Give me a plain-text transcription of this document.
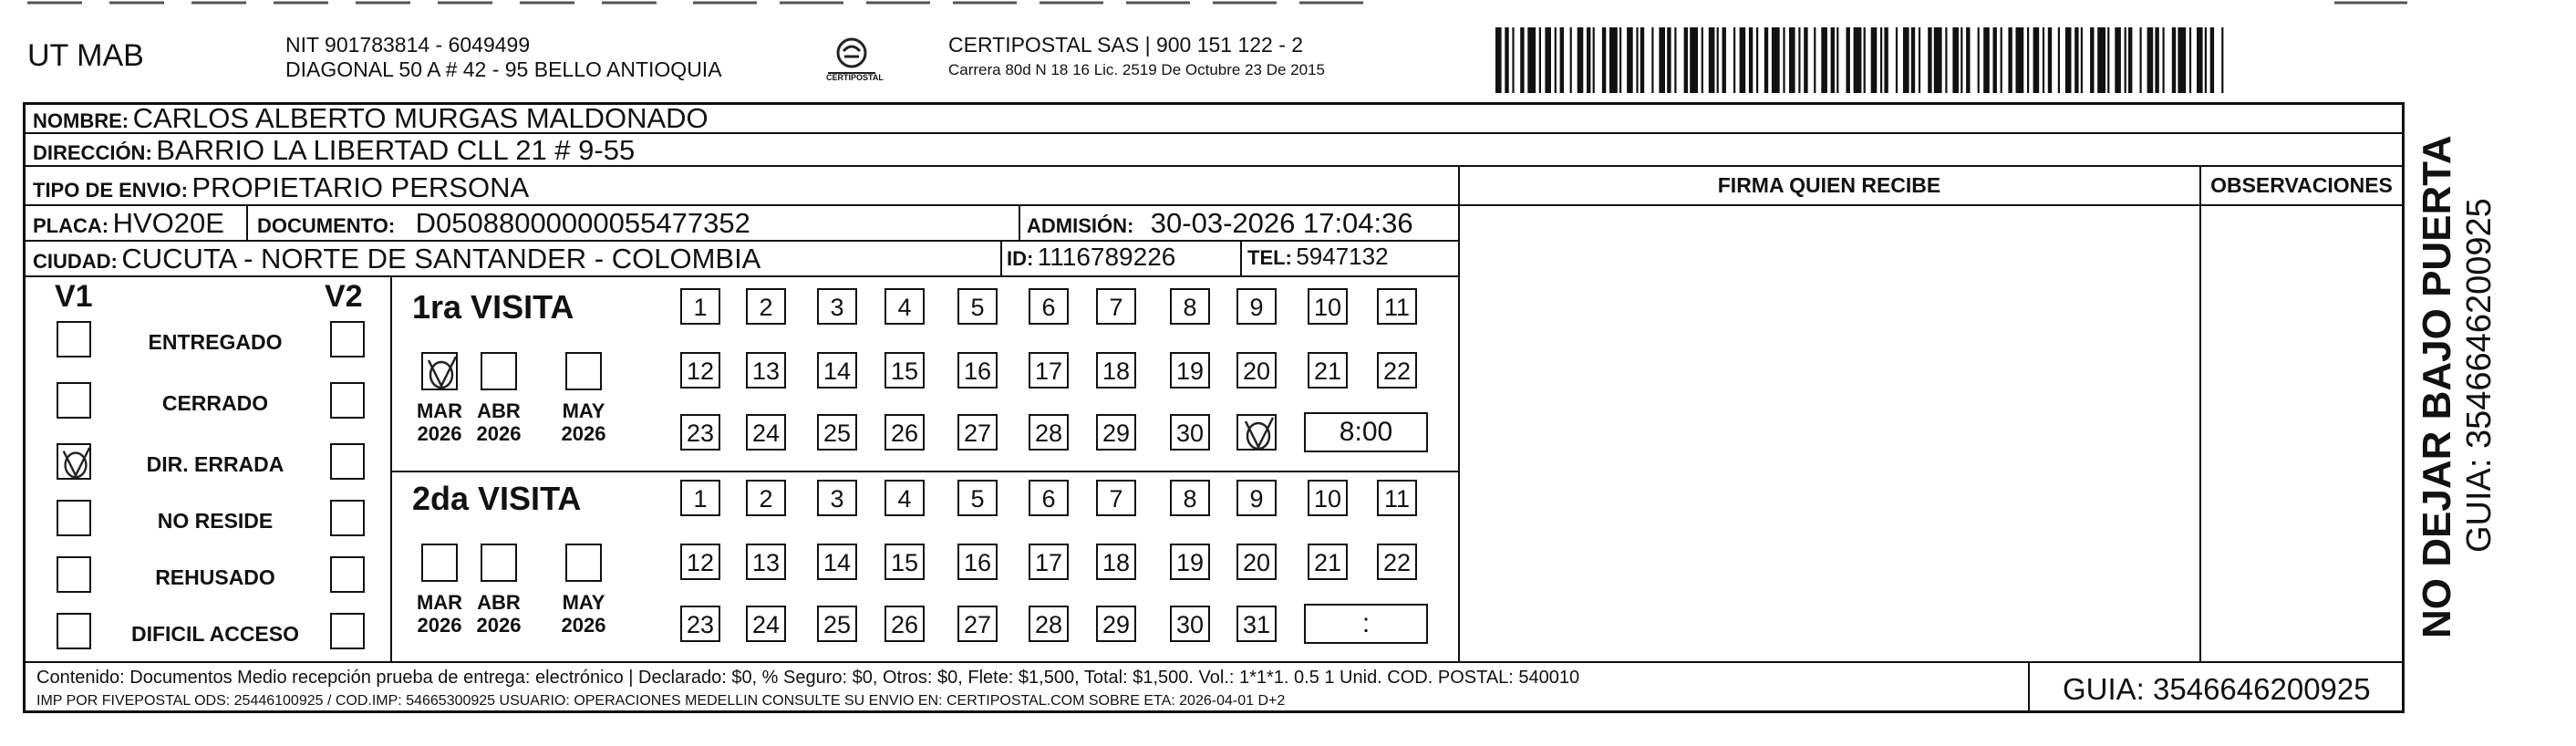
UT MAB	NIT 901783814 - 6049499
DIAGONAL 50 A # 42 - 95 BELLO ANTIOQUIA	CERTIPOSTAL
CERTIPOSTAL SAS | 900 151 122 - 2
Carrera 80d N 18 16 Lic. 2519 De Octubre 23 De 2015
NOMBRE: CARLOS ALBERTO MURGAS MALDONADO
DIRECCIÓN: BARRIO LA LIBERTAD CLL 21 # 9-55
TIPO DE ENVIO: PROPIETARIO PERSONA
PLACA: HVO20E DOCUMENTO: D05088000000055477352	ADMISIÓN: 30-03-2026 17:04:36
CIUDAD: CUCUTA - NORTE DE SANTANDER - COLOMBIA	ID: 1116789226	TEL: 5947132
FIRMA QUIEN RECIBE	OBSERVACIONES
V1	V2
ENTREGADO
CERRADO
DIR. ERRADA
NO RESIDE
REHUSADO
DIFICIL ACCESO
1ra VISITA
MAR
2026
ABR
2026
MAY
2026
1	2	3	4	5	6	7	8	9	10 11
12 13 14 15 16 17 18 19 20 21 22
23 24 25 26 27 28 29 30	8:00
2da VISITA
MAR
2026
ABR
2026
MAY
2026
1	2	3	4	5	6	7	8	9	10 11
12 13 14 15 16 17 18 19 20 21 22
23 24 25 26 27 28 29 30 31	:
Contenido: Documentos Medio recepción prueba de entrega: electrónico | Declarado: $0, % Seguro: $0, Otros: $0, Flete: $1,500, Total: $1,500. Vol.: 1*1*1. 0.5 1 Unid. COD. POSTAL: 540010
IMP POR FIVEPOSTAL ODS: 25446100925 / COD.IMP: 54665300925 USUARIO: OPERACIONES MEDELLIN CONSULTE SU ENVIO EN: CERTIPOSTAL.COM SOBRE ETA: 2026-04-01 D+2	GUIA: 3546646200925
NO DEJAR BAJO PUERTA GUIA: 3546646200925
